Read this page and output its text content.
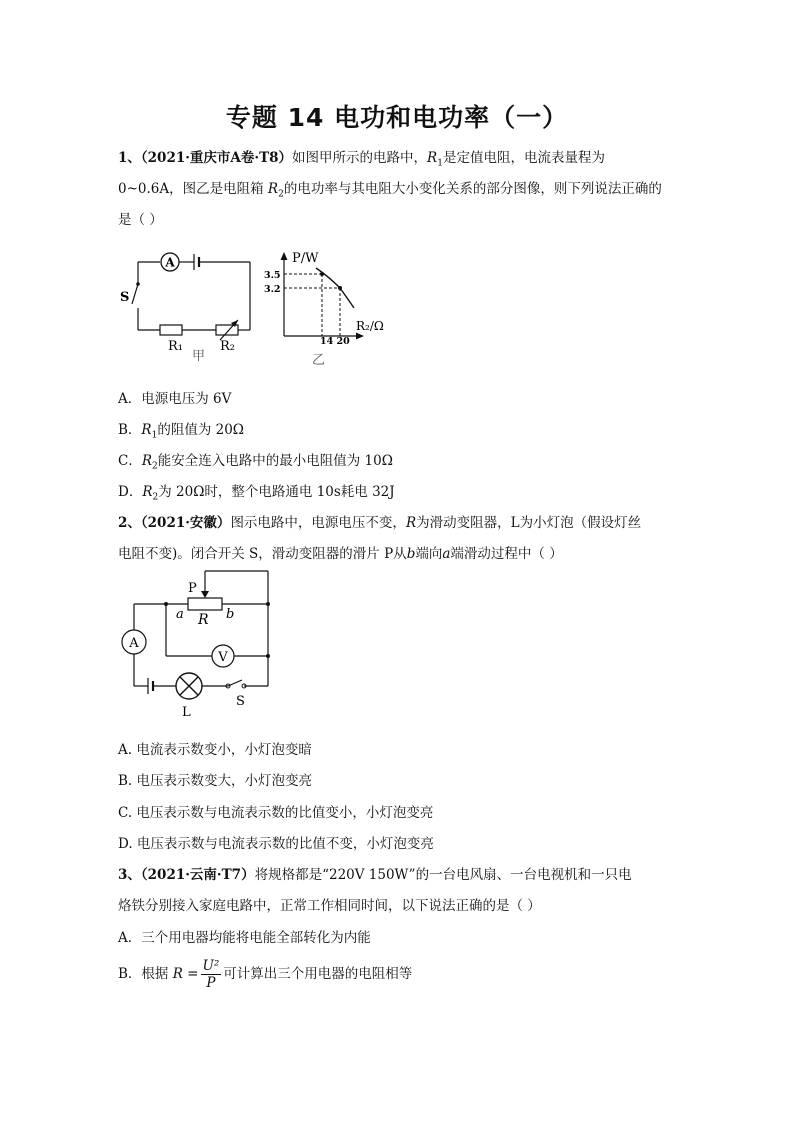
专题 14 电功和电功率（一）
1、（2021·重庆市A卷·T8）如图甲所示的电路中，$R_1$是定值电阻，电流表量程为
0~0.6A，图乙是电阻箱 $R_2$的电功率与其电阻大小变化关系的部分图像，则下列说法正确的
是（ ）
A
S
R₁	R₂
甲
P/W
3.5
3.2
14 20
R₂/Ω
乙
A．电源电压为 6V
B．$R_1$的阻值为 20Ω
C．$R_2$能安全连入电路中的最小电阻值为 10Ω
D．$R_2$为 20Ω时，整个电路通电 10s耗电 32J
2、（2021·安徽）图示电路中，电源电压不变，R为滑动变阻器，L为小灯泡（假设灯丝
电阻不变)。闭合开关 S，滑动变阻器的滑片 P从b端向a端滑动过程中（ ）
A
V
P
a R b
L
S
A. 电流表示数变小，小灯泡变暗
B. 电压表示数变大，小灯泡变亮
C. 电压表示数与电流表示数的比值变小，小灯泡变亮
D. 电压表示数与电流表示数的比值不变，小灯泡变亮
3、（2021·云南·T7）将规格都是“220V 150W”的一台电风扇、一台电视机和一只电
烙铁分别接入家庭电路中，正常工作相同时间，以下说法正确的是（ ）
A．三个用电器均能将电能全部转化为内能
B．根据 $R = \frac{\text{U²}}{P}$ 可计算出三个用电器的电阻相等
